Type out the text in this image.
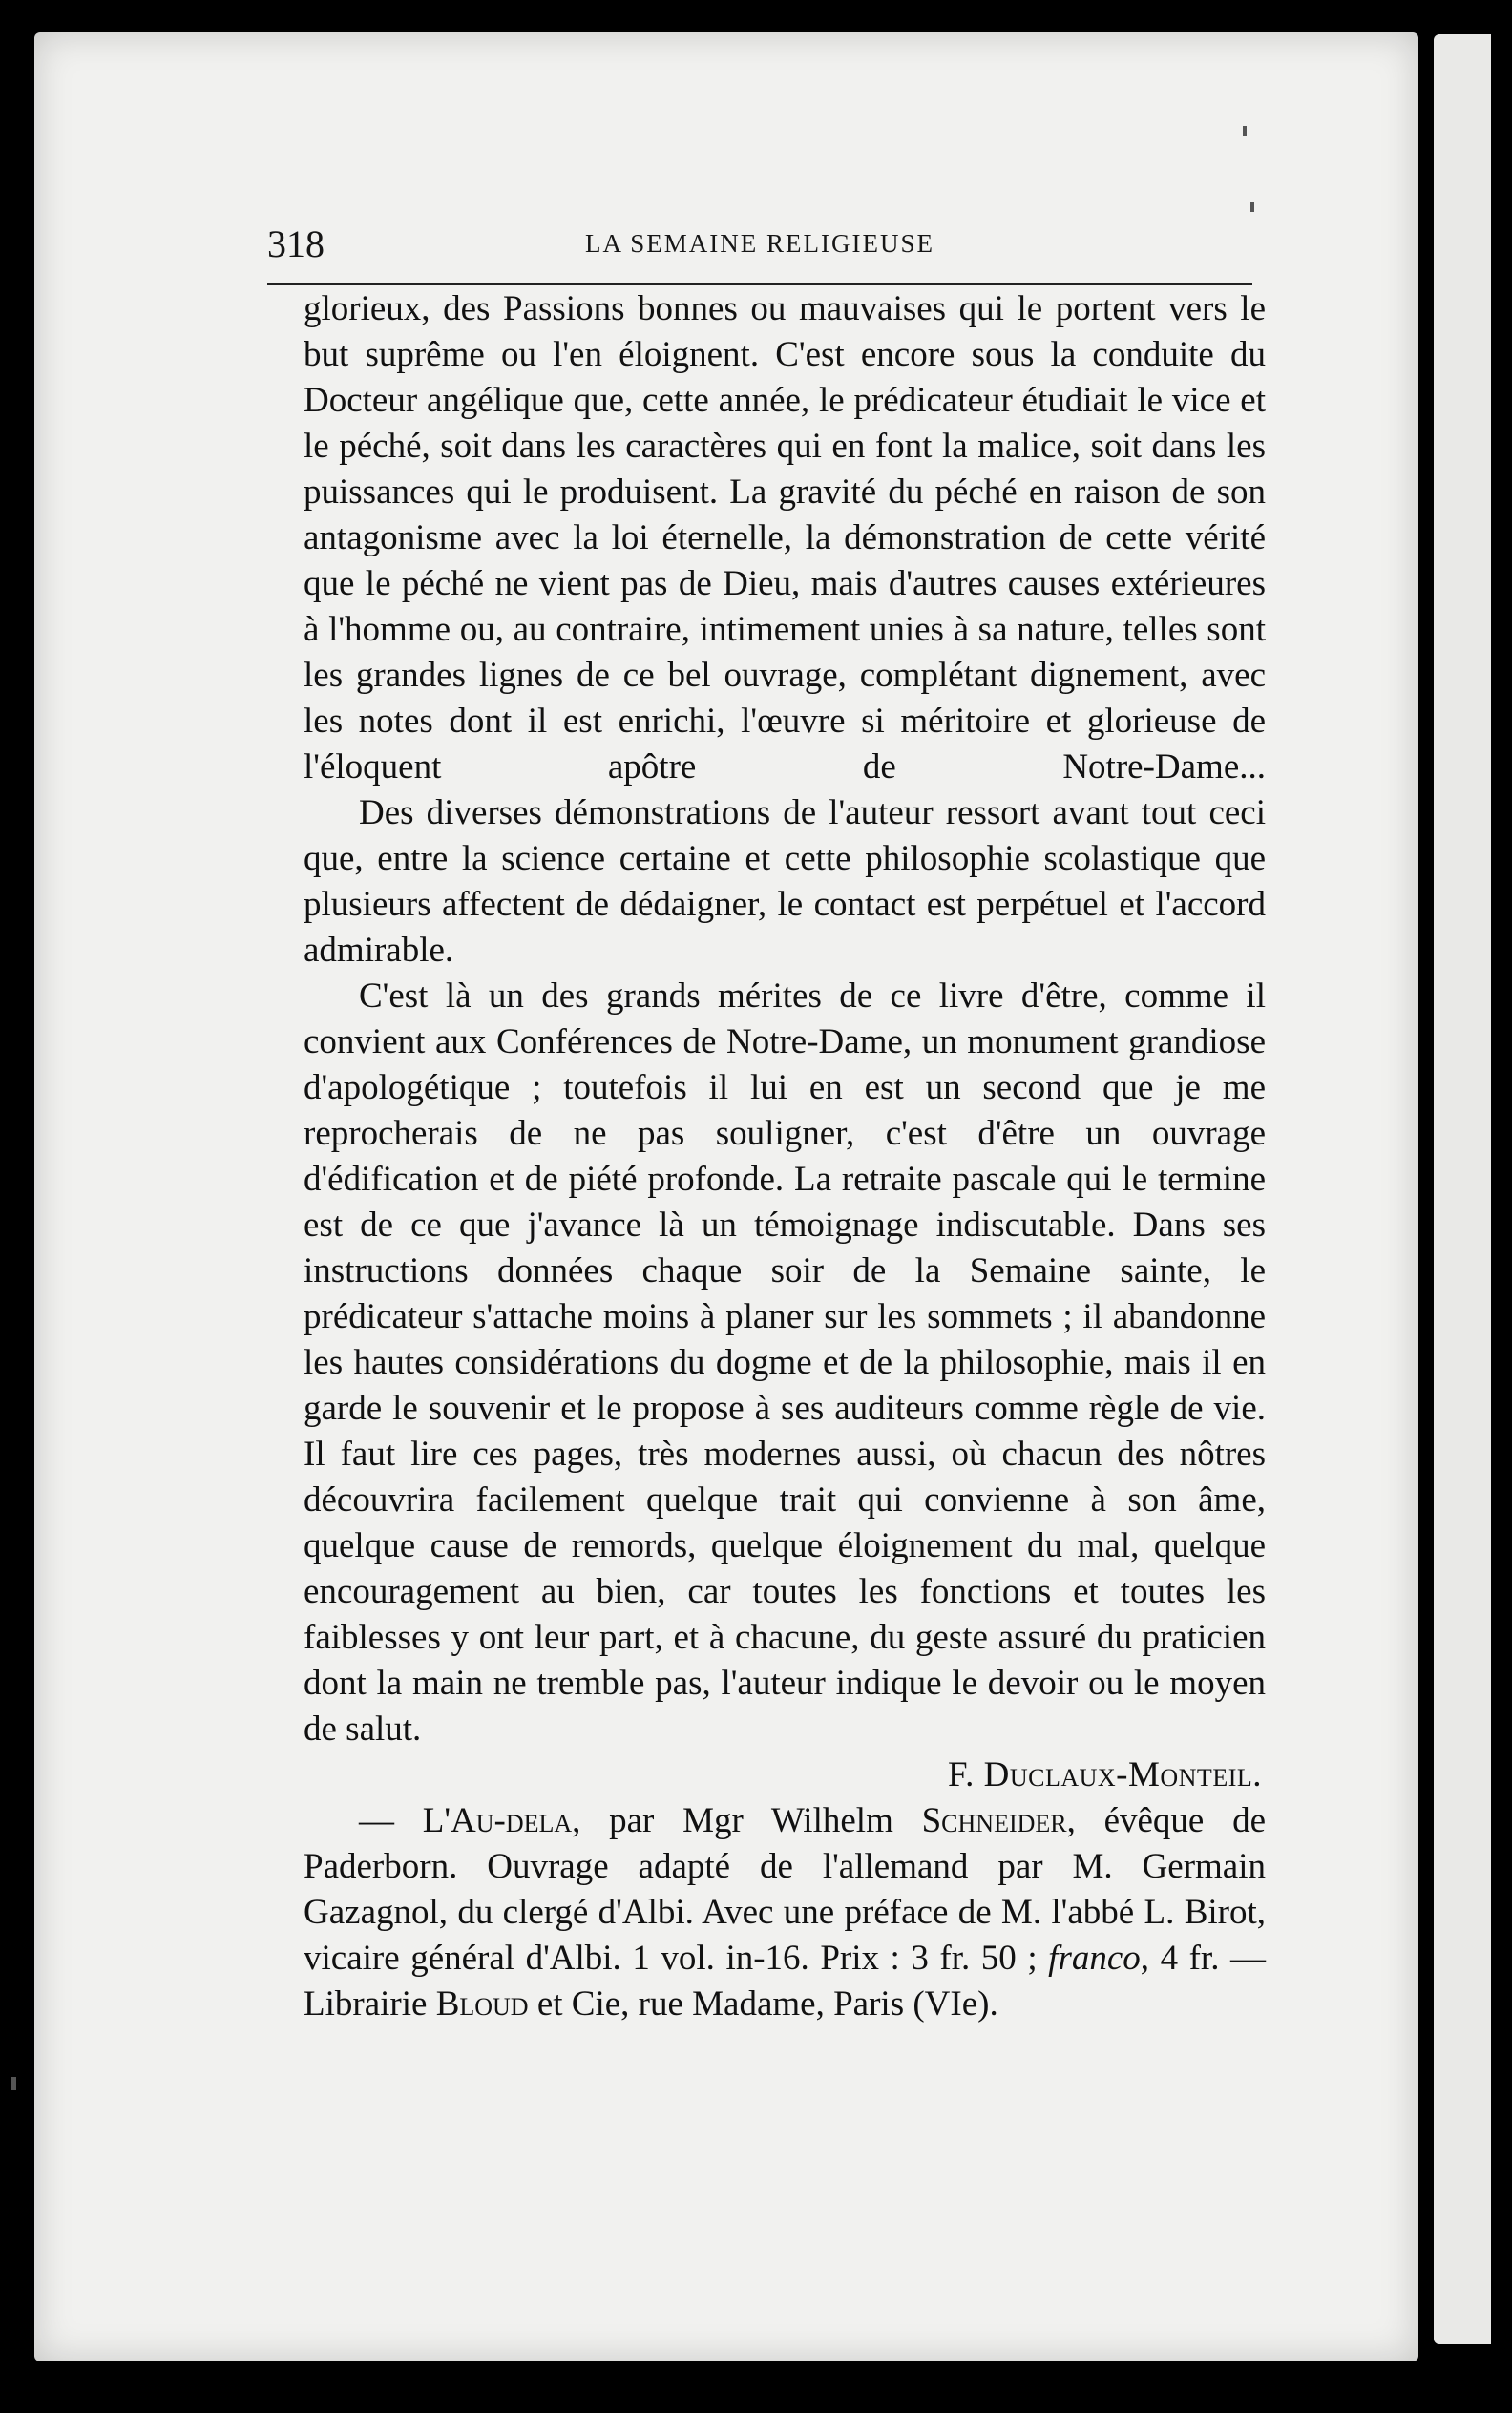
318	LA SEMAINE RELIGIEUSE

glorieux, des Passions bonnes ou mauvaises qui le portent vers le but suprême ou l'en éloignent. C'est encore sous la conduite du Docteur angélique que, cette année, le prédicateur étudiait le vice et le péché, soit dans les caractères qui en font la malice, soit dans les puissances qui le produisent. La gravité du péché en raison de son antagonisme avec la loi éternelle, la démonstration de cette vérité que le péché ne vient pas de Dieu, mais d'autres causes extérieures à l'homme ou, au contraire, intimement unies à sa nature, telles sont les grandes lignes de ce bel ouvrage, complétant dignement, avec les notes dont il est enrichi, l'œuvre si méritoire et glorieuse de l'éloquent apôtre de Notre-Dame...

Des diverses démonstrations de l'auteur ressort avant tout ceci que, entre la science certaine et cette philosophie scolastique que plusieurs affectent de dédaigner, le contact est perpétuel et l'accord admirable.

C'est là un des grands mérites de ce livre d'être, comme il convient aux Conférences de Notre-Dame, un monument grandiose d'apologétique ; toutefois il lui en est un second que je me reprocherais de ne pas souligner, c'est d'être un ouvrage d'édification et de piété profonde. La retraite pascale qui le termine est de ce que j'avance là un témoignage indiscutable. Dans ses instructions données chaque soir de la Semaine sainte, le prédicateur s'attache moins à planer sur les sommets ; il abandonne les hautes considérations du dogme et de la philosophie, mais il en garde le souvenir et le propose à ses auditeurs comme règle de vie. Il faut lire ces pages, très modernes aussi, où chacun des nôtres découvrira facilement quelque trait qui convienne à son âme, quelque cause de remords, quelque éloignement du mal, quelque encouragement au bien, car toutes les fonctions et toutes les faiblesses y ont leur part, et à chacune, du geste assuré du praticien dont la main ne tremble pas, l'auteur indique le devoir ou le moyen de salut.

F. Duclaux-Monteil.

— L'Au-dela, par Mgr Wilhelm Schneider, évêque de Paderborn. Ouvrage adapté de l'allemand par M. Germain Gazagnol, du clergé d'Albi. Avec une préface de M. l'abbé L. Birot, vicaire général d'Albi. 1 vol. in-16. Prix : 3 fr. 50 ; franco, 4 fr. — Librairie Bloud et Cie, rue Madame, Paris (VIe).
